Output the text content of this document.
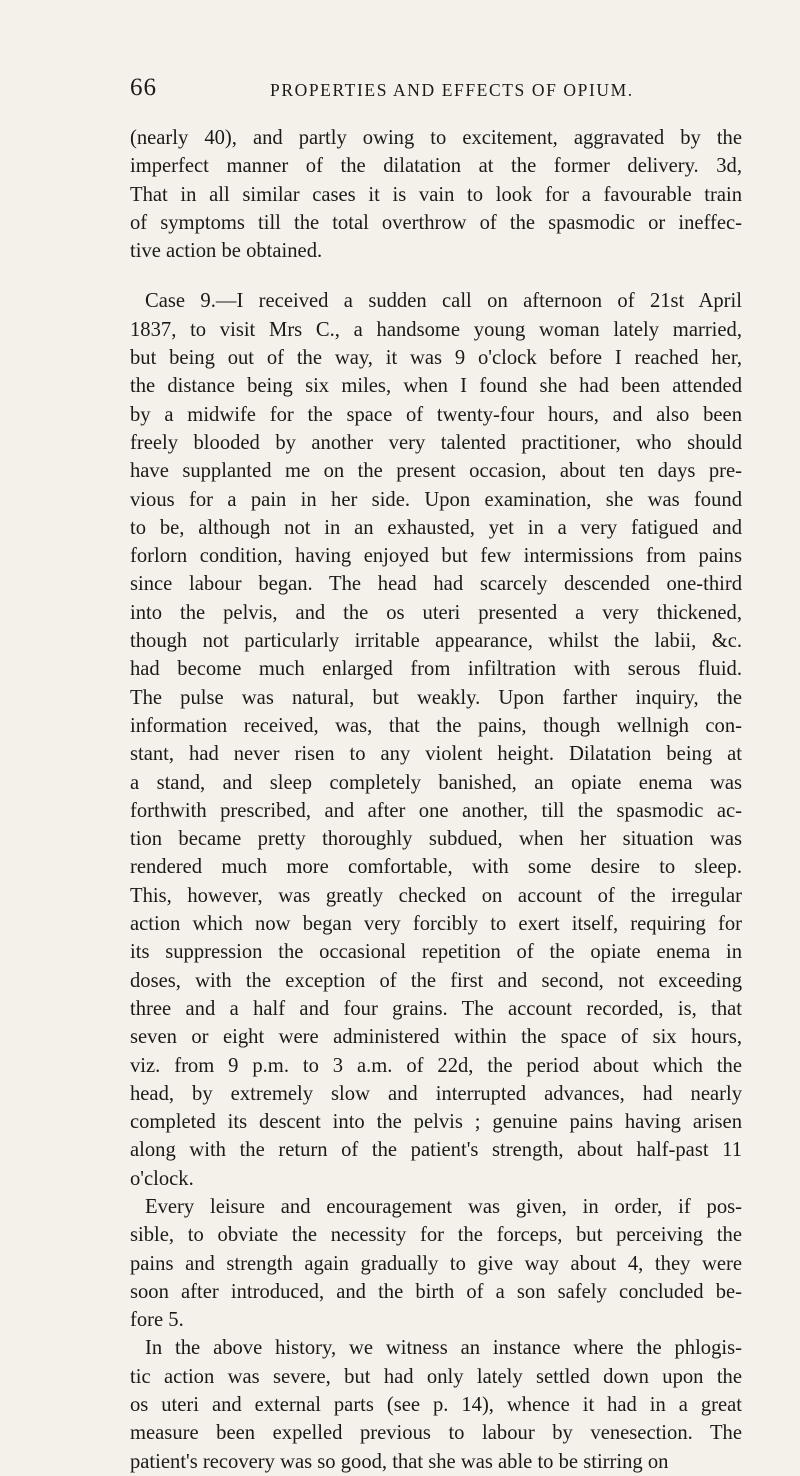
66	PROPERTIES AND EFFECTS OF OPIUM.
(nearly 40), and partly owing to excitement, aggravated by the
imperfect manner of the dilatation at the former delivery. 3d,
That in all similar cases it is vain to look for a favourable train
of symptoms till the total overthrow of the spasmodic or ineffec-
tive action be obtained.
Case 9.—I received a sudden call on afternoon of 21st April
1837, to visit Mrs C., a handsome young woman lately married,
but being out of the way, it was 9 o'clock before I reached her,
the distance being six miles, when I found she had been attended
by a midwife for the space of twenty-four hours, and also been
freely blooded by another very talented practitioner, who should
have supplanted me on the present occasion, about ten days pre-
vious for a pain in her side. Upon examination, she was found
to be, although not in an exhausted, yet in a very fatigued and
forlorn condition, having enjoyed but few intermissions from pains
since labour began. The head had scarcely descended one-third
into the pelvis, and the os uteri presented a very thickened,
though not particularly irritable appearance, whilst the labii, &c.
had become much enlarged from infiltration with serous fluid.
The pulse was natural, but weakly. Upon farther inquiry, the
information received, was, that the pains, though wellnigh con-
stant, had never risen to any violent height. Dilatation being at
a stand, and sleep completely banished, an opiate enema was
forthwith prescribed, and after one another, till the spasmodic ac-
tion became pretty thoroughly subdued, when her situation was
rendered much more comfortable, with some desire to sleep.
This, however, was greatly checked on account of the irregular
action which now began very forcibly to exert itself, requiring for
its suppression the occasional repetition of the opiate enema in
doses, with the exception of the first and second, not exceeding
three and a half and four grains. The account recorded, is, that
seven or eight were administered within the space of six hours,
viz. from 9 p.m. to 3 a.m. of 22d, the period about which the
head, by extremely slow and interrupted advances, had nearly
completed its descent into the pelvis ; genuine pains having arisen
along with the return of the patient's strength, about half-past 11
o'clock.
Every leisure and encouragement was given, in order, if pos-
sible, to obviate the necessity for the forceps, but perceiving the
pains and strength again gradually to give way about 4, they were
soon after introduced, and the birth of a son safely concluded be-
fore 5.
In the above history, we witness an instance where the phlogis-
tic action was severe, but had only lately settled down upon the
os uteri and external parts (see p. 14), whence it had in a great
measure been expelled previous to labour by venesection. The
patient's recovery was so good, that she was able to be stirring on
